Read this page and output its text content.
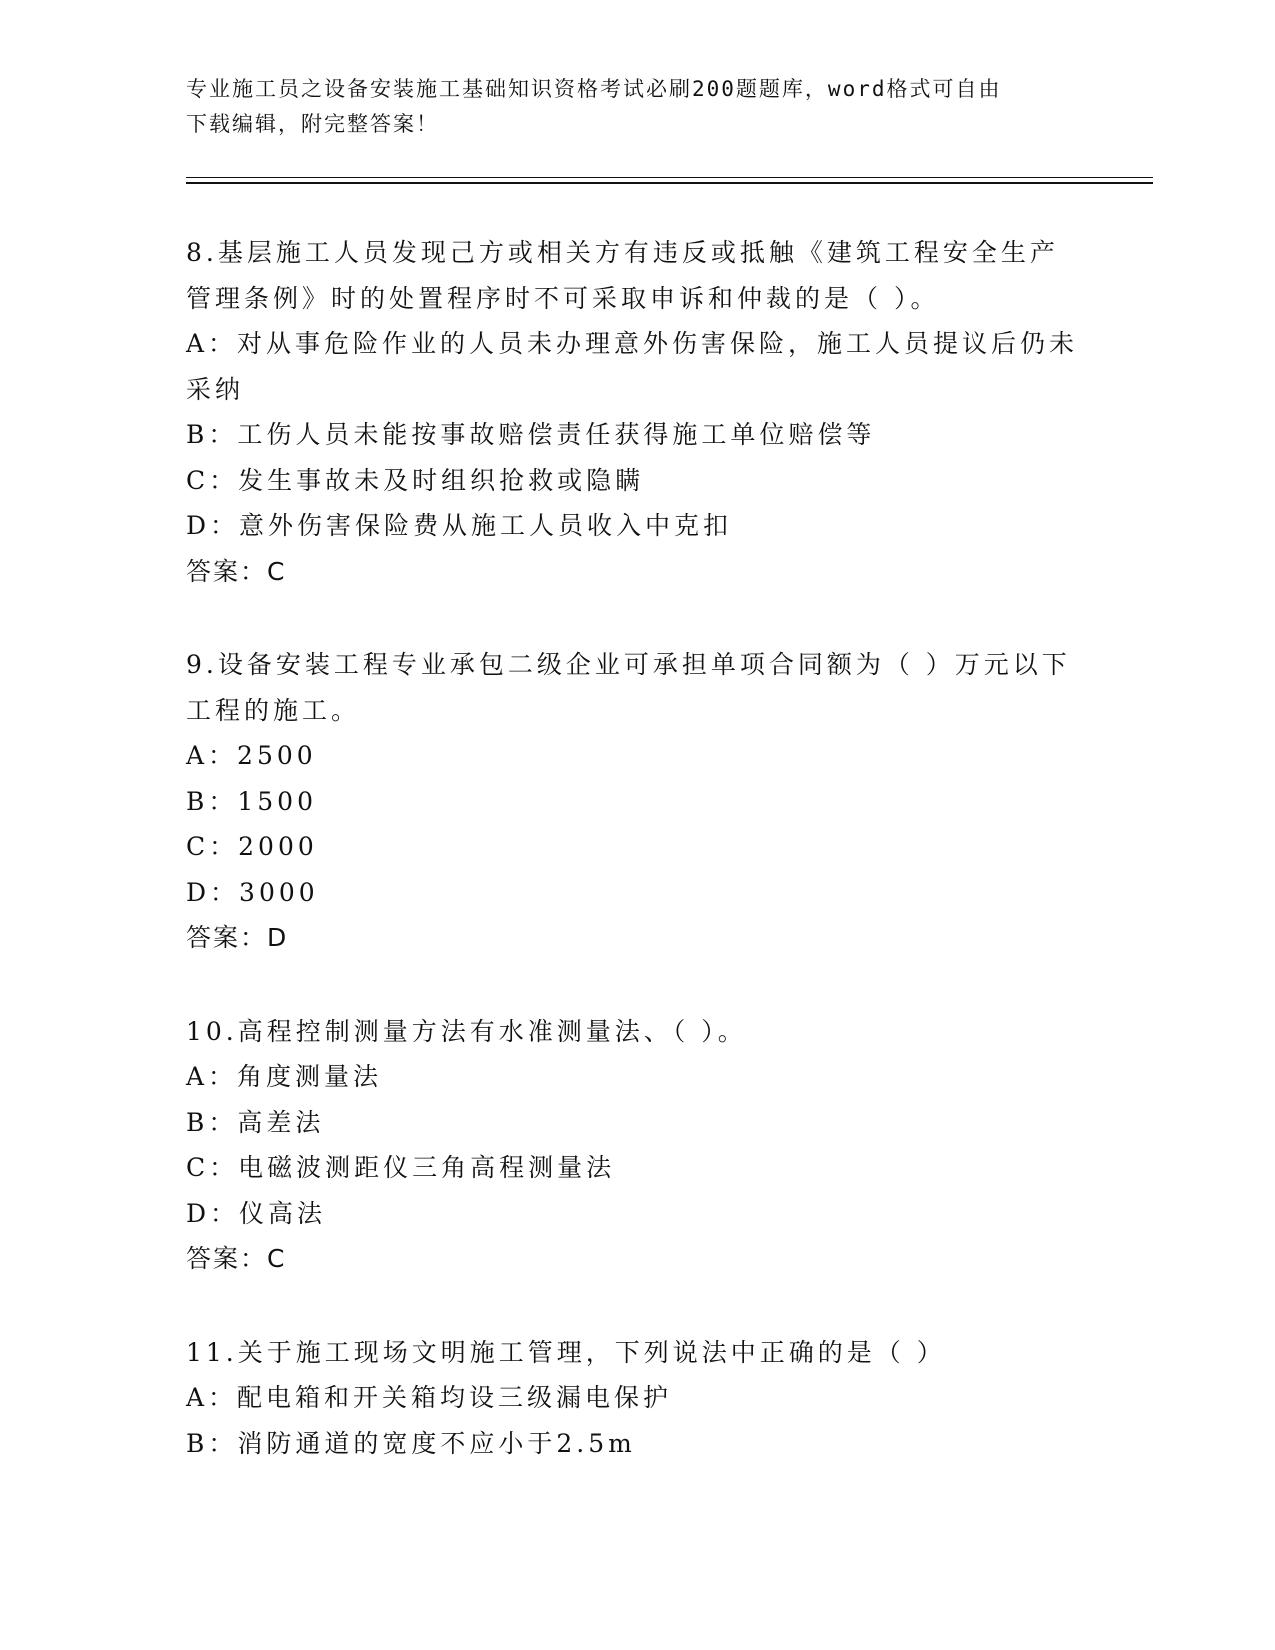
专业施工员之设备安装施工基础知识资格考试必刷200题题库，word格式可自由
下载编辑，附完整答案！
8.基层施工人员发现己方或相关方有违反或抵触《建筑工程安全生产
管理条例》时的处置程序时不可采取申诉和仲裁的是（ ）。
A：对从事危险作业的人员未办理意外伤害保险，施工人员提议后仍未
采纳
B：工伤人员未能按事故赔偿责任获得施工单位赔偿等
C：发生事故未及时组织抢救或隐瞒
D：意外伤害保险费从施工人员收入中克扣
答案：C
9.设备安装工程专业承包二级企业可承担单项合同额为（ ）万元以下
工程的施工。
A：2500
B：1500
C：2000
D：3000
答案：D
10.高程控制测量方法有水准测量法、（ ）。
A：角度测量法
B：高差法
C：电磁波测距仪三角高程测量法
D：仪高法
答案：C
11.关于施工现场文明施工管理，下列说法中正确的是（ ）
A：配电箱和开关箱均设三级漏电保护
B：消防通道的宽度不应小于2.5m
